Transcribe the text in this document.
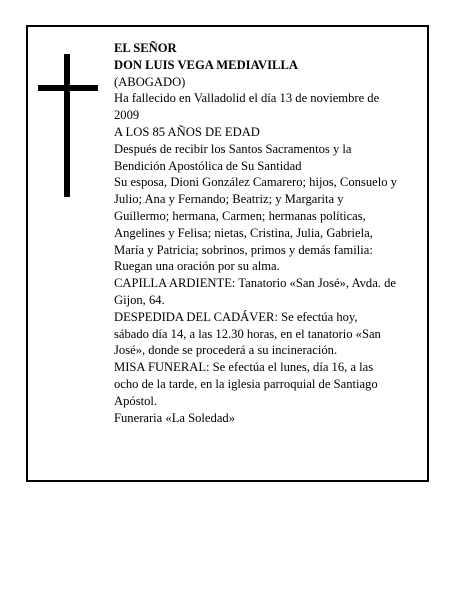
EL SEÑOR
DON LUIS VEGA MEDIAVILLA
(ABOGADO)
Ha fallecido en Valladolid el día 13 de noviembre de
2009
A LOS 85 AÑOS DE EDAD
Después de recibir los Santos Sacramentos y la
Bendición Apostólica de Su Santidad
Su esposa, Dioni González Camarero; hijos, Consuelo y
Julio; Ana y Fernando; Beatriz; y Margarita y
Guillermo; hermana, Carmen; hermanas políticas,
Angelines y Felisa; nietas, Cristina, Julia, Gabriela,
María y Patricia; sobrinos, primos y demás familia:
Ruegan una oración por su alma.
CAPILLA ARDIENTE: Tanatorio «San José», Avda. de
Gijon, 64.
DESPEDIDA DEL CADÁVER: Se efectúa hoy,
sábado día 14, a las 12.30 horas, en el tanatorio «San
José», donde se procederá a su incineración.
MISA FUNERAL: Se efectúa el lunes, día 16, a las
ocho de la tarde, en la iglesia parroquial de Santiago
Apóstol.
Funeraria «La Soledad»
